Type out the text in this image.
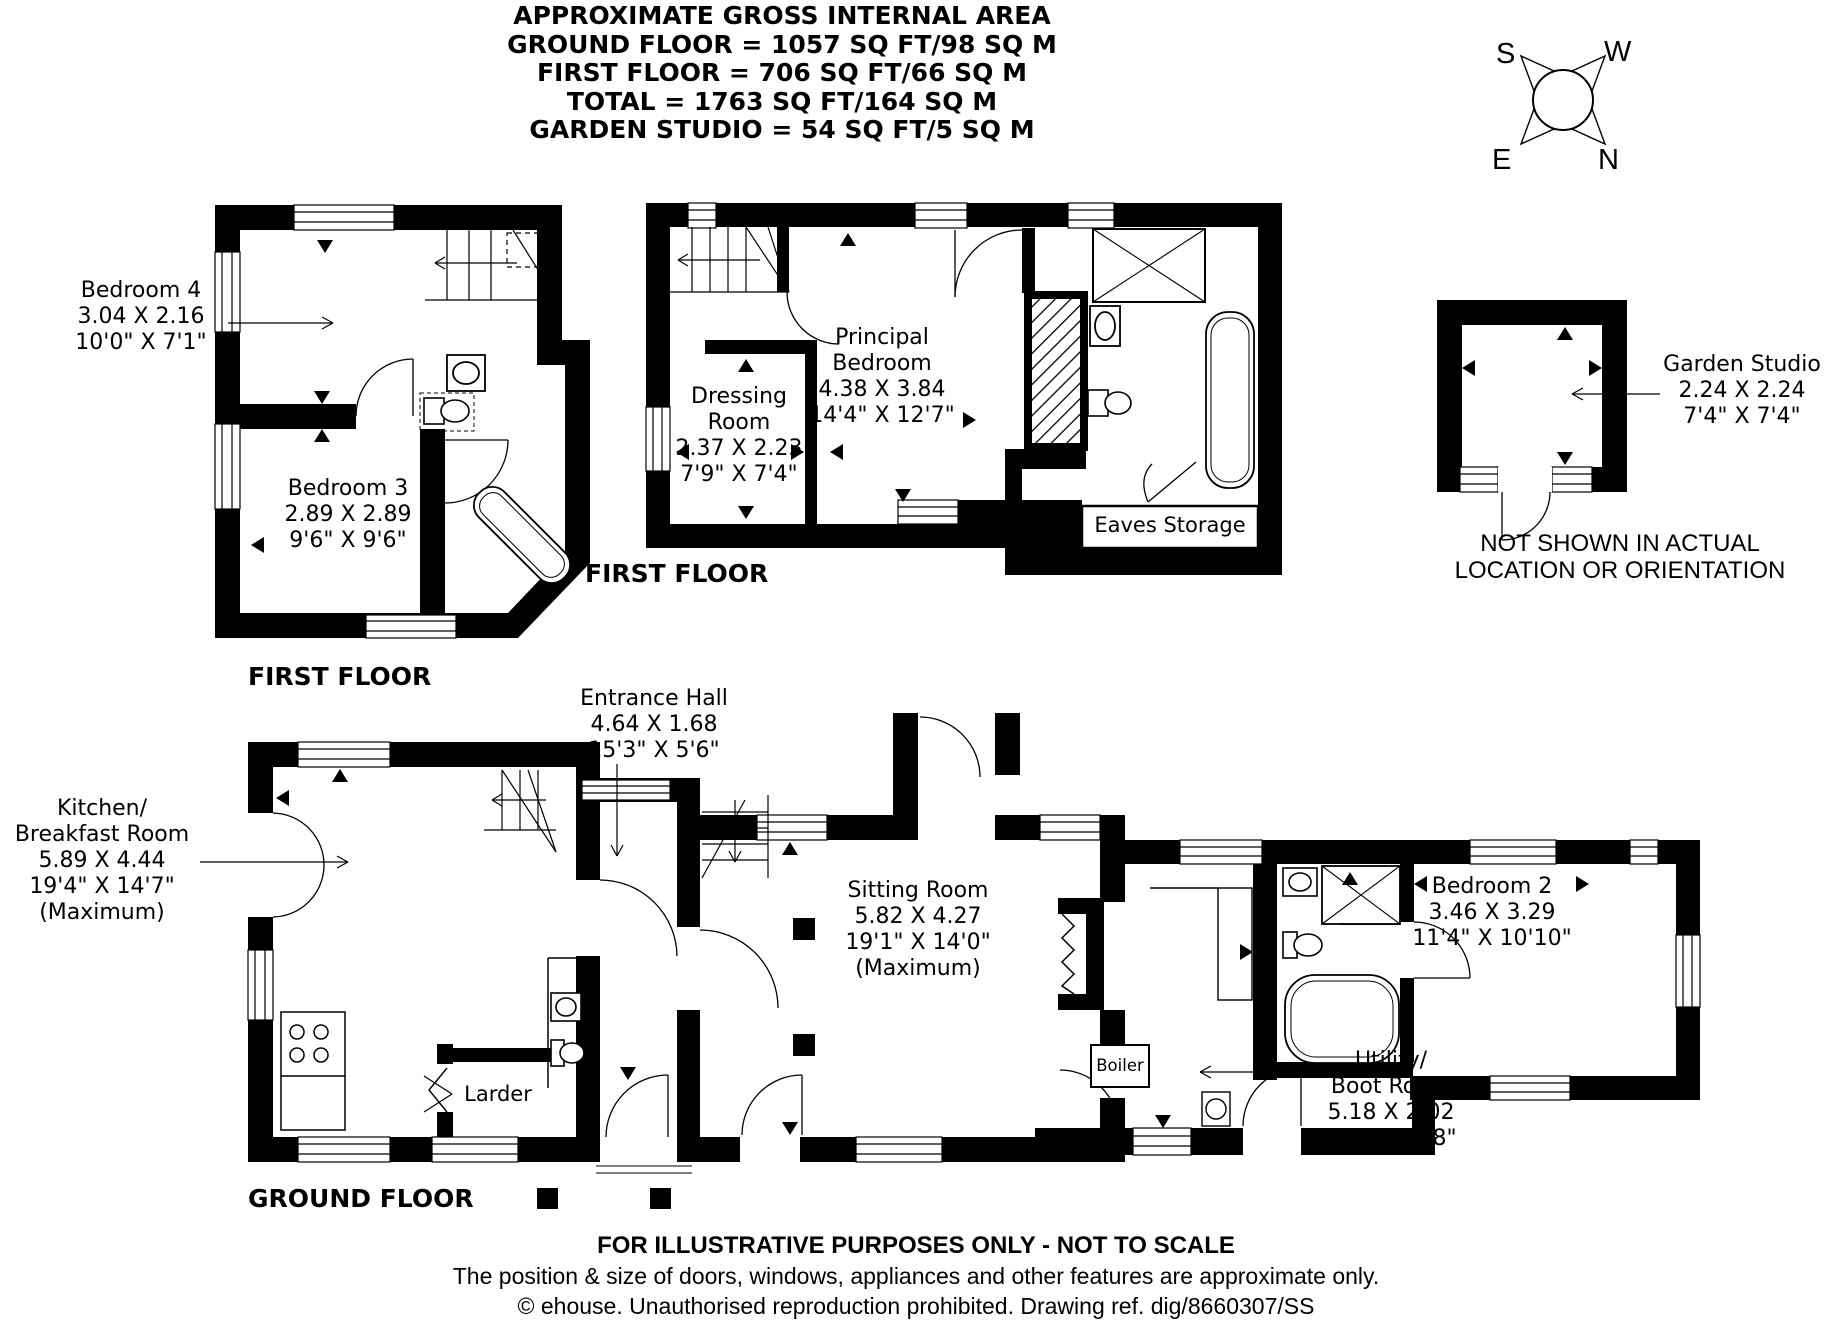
APPROXIMATE GROSS INTERNAL AREA
GROUND FLOOR = 1057 SQ FT/98 SQ M
FIRST FLOOR = 706 SQ FT/66 SQ M
TOTAL = 1763 SQ FT/164 SQ M
GARDEN STUDIO = 54 SQ FT/5 SQ M
S	W
E	N
Bedroom 4
3.04 X 2.16
10'0" X 7'1"
Bedroom 3
2.89 X 2.89
9'6" X 9'6"
FIRST FLOOR
FIRST FLOOR
Dressing
Room
2.37 X 2.23
7'9" X 7'4"
Principal
Bedroom
4.38 X 3.84
14'4" X 12'7"
Eaves Storage
Garden Studio
2.24 X 2.24
7'4" X 7'4"
NOT SHOWN IN ACTUAL
LOCATION OR ORIENTATION
Kitchen/
Breakfast Room
5.89 X 4.44
19'4" X 14'7"
(Maximum)
Entrance Hall
4.64 X 1.68
15'3" X 5'6"
Sitting Room
5.82 X 4.27
19'1" X 14'0"
(Maximum)
Bedroom 2
3.46 X 3.29
11'4" X 10'10"
Utility/
Boot Room
5.18 X 2.02
17'0" X 6'8"
Larder
Boiler
GROUND FLOOR
FOR ILLUSTRATIVE PURPOSES ONLY - NOT TO SCALE
The position & size of doors, windows, appliances and other features are approximate only.
© ehouse. Unauthorised reproduction prohibited. Drawing ref. dig/8660307/SS
